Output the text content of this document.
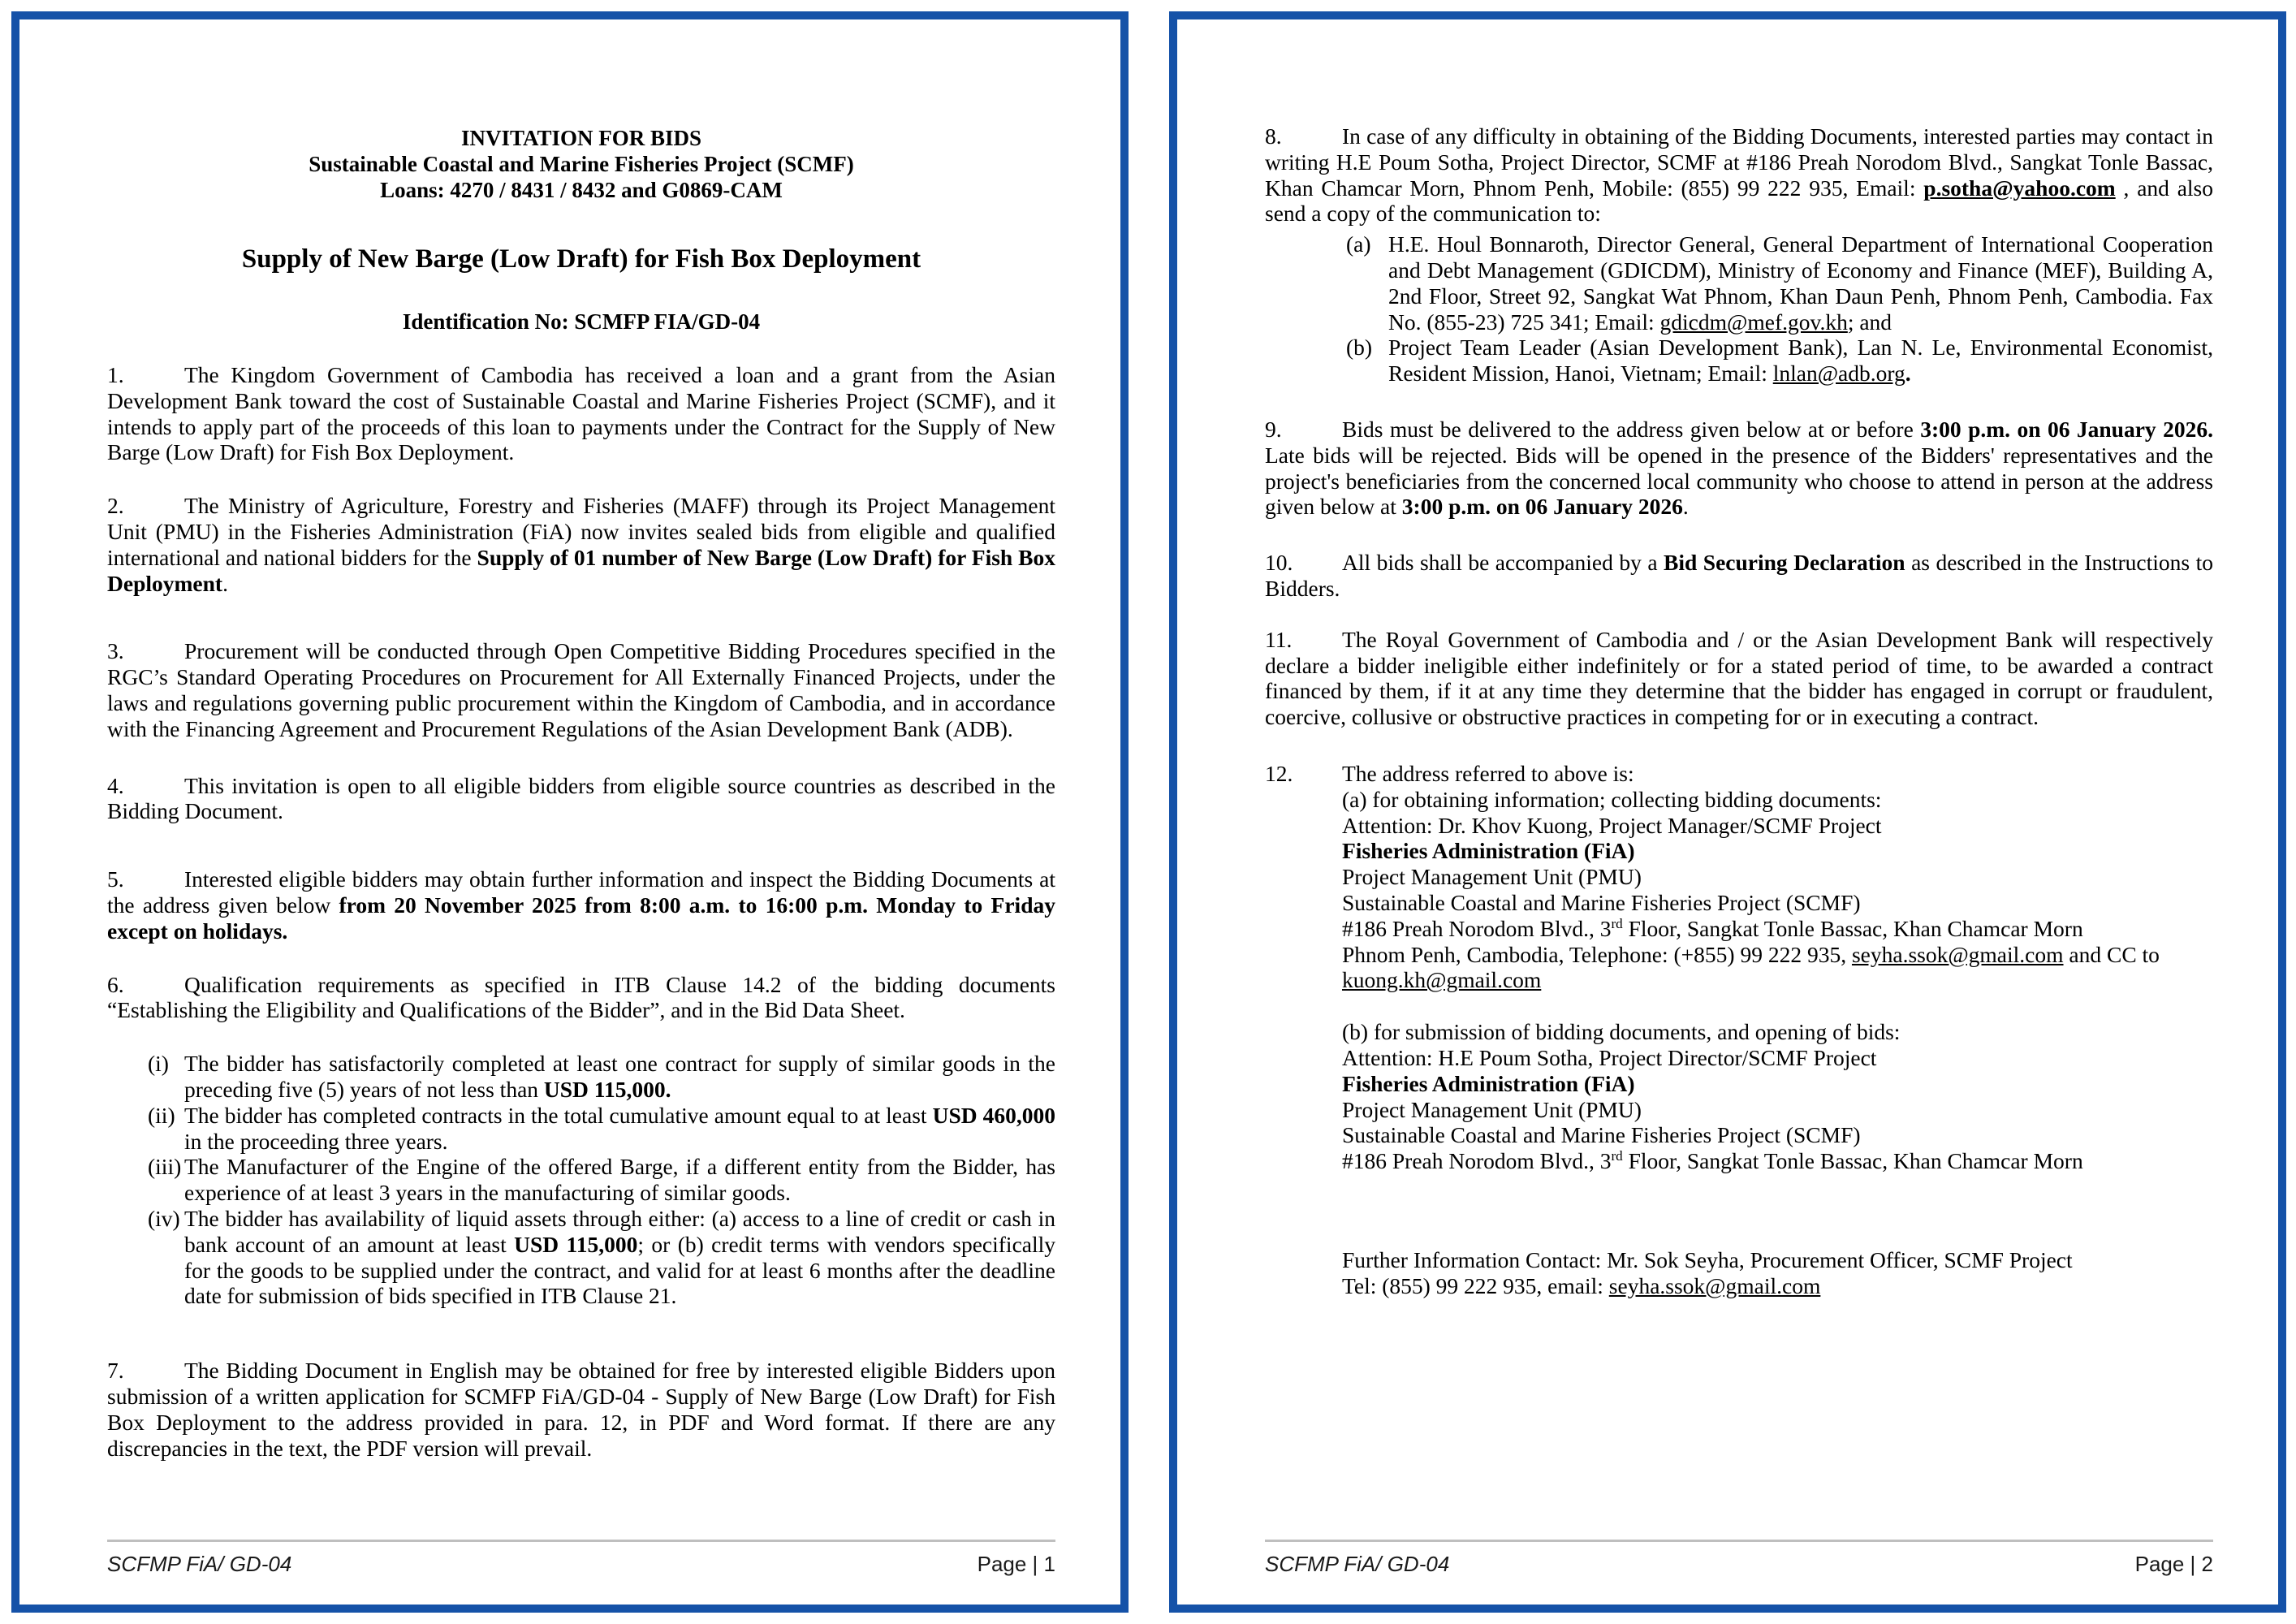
INVITATION FOR BIDS
Sustainable Coastal and Marine Fisheries Project (SCMF)
Loans: 4270 / 8431 / 8432 and G0869-CAM
Supply of New Barge (Low Draft) for Fish Box Deployment
Identification No: SCMFP FIA/GD-04
1.	The Kingdom Government of Cambodia has received a loan and a grant from the Asian Development Bank toward the cost of Sustainable Coastal and Marine Fisheries Project (SCMF), and it intends to apply part of the proceeds of this loan to payments under the Contract for the Supply of New Barge (Low Draft) for Fish Box Deployment.
2.	The Ministry of Agriculture, Forestry and Fisheries (MAFF) through its Project Management Unit (PMU) in the Fisheries Administration (FiA) now invites sealed bids from eligible and qualified international and national bidders for the Supply of 01 number of New Barge (Low Draft) for Fish Box Deployment.
3.	Procurement will be conducted through Open Competitive Bidding Procedures specified in the RGC’s Standard Operating Procedures on Procurement for All Externally Financed Projects, under the laws and regulations governing public procurement within the Kingdom of Cambodia, and in accordance with the Financing Agreement and Procurement Regulations of the Asian Development Bank (ADB).
4.	This invitation is open to all eligible bidders from eligible source countries as described in the Bidding Document.
5.	Interested eligible bidders may obtain further information and inspect the Bidding Documents at the address given below from 20 November 2025 from 8:00 a.m. to 16:00 p.m. Monday to Friday except on holidays.
6.	Qualification requirements as specified in ITB Clause 14.2 of the bidding documents “Establishing the Eligibility and Qualifications of the Bidder”, and in the Bid Data Sheet.
(i) The bidder has satisfactorily completed at least one contract for supply of similar goods in the preceding five (5) years of not less than USD 115,000.
(ii) The bidder has completed contracts in the total cumulative amount equal to at least USD 460,000 in the proceeding three years.
(iii) The Manufacturer of the Engine of the offered Barge, if a different entity from the Bidder, has experience of at least 3 years in the manufacturing of similar goods.
(iv) The bidder has availability of liquid assets through either: (a) access to a line of credit or cash in bank account of an amount at least USD 115,000; or (b) credit terms with vendors specifically for the goods to be supplied under the contract, and valid for at least 6 months after the deadline date for submission of bids specified in ITB Clause 21.
7.	The Bidding Document in English may be obtained for free by interested eligible Bidders upon submission of a written application for SCMFP FiA/GD-04 - Supply of New Barge (Low Draft) for Fish Box Deployment to the address provided in para. 12, in PDF and Word format. If there are any discrepancies in the text, the PDF version will prevail.
SCFMP FiA/ GD-04	Page | 1
8.	In case of any difficulty in obtaining of the Bidding Documents, interested parties may contact in writing H.E Poum Sotha, Project Director, SCMF at #186 Preah Norodom Blvd., Sangkat Tonle Bassac, Khan Chamcar Morn, Phnom Penh, Mobile: (855) 99 222 935, Email: p.sotha@yahoo.com , and also send a copy of the communication to:
(a) H.E. Houl Bonnaroth, Director General, General Department of International Cooperation and Debt Management (GDICDM), Ministry of Economy and Finance (MEF), Building A, 2nd Floor, Street 92, Sangkat Wat Phnom, Khan Daun Penh, Phnom Penh, Cambodia. Fax No. (855-23) 725 341; Email: gdicdm@mef.gov.kh; and
(b) Project Team Leader (Asian Development Bank), Lan N. Le, Environmental Economist, Resident Mission, Hanoi, Vietnam; Email: lnlan@adb.org.
9.	Bids must be delivered to the address given below at or before 3:00 p.m. on 06 January 2026. Late bids will be rejected. Bids will be opened in the presence of the Bidders' representatives and the project's beneficiaries from the concerned local community who choose to attend in person at the address given below at 3:00 p.m. on 06 January 2026.
10. All bids shall be accompanied by a Bid Securing Declaration as described in the Instructions to Bidders.
11. The Royal Government of Cambodia and / or the Asian Development Bank will respectively declare a bidder ineligible either indefinitely or for a stated period of time, to be awarded a contract financed by them, if it at any time they determine that the bidder has engaged in corrupt or fraudulent, coercive, collusive or obstructive practices in competing for or in executing a contract.
12. The address referred to above is:
(a) for obtaining information; collecting bidding documents:
Attention: Dr. Khov Kuong, Project Manager/SCMF Project
Fisheries Administration (FiA)
Project Management Unit (PMU)
Sustainable Coastal and Marine Fisheries Project (SCMF)
#186 Preah Norodom Blvd., 3rd Floor, Sangkat Tonle Bassac, Khan Chamcar Morn
Phnom Penh, Cambodia, Telephone: (+855) 99 222 935, seyha.ssok@gmail.com and CC to
kuong.kh@gmail.com
(b) for submission of bidding documents, and opening of bids:
Attention: H.E Poum Sotha, Project Director/SCMF Project
Fisheries Administration (FiA)
Project Management Unit (PMU)
Sustainable Coastal and Marine Fisheries Project (SCMF)
#186 Preah Norodom Blvd., 3rd Floor, Sangkat Tonle Bassac, Khan Chamcar Morn
Further Information Contact: Mr. Sok Seyha, Procurement Officer, SCMF Project
Tel: (855) 99 222 935, email: seyha.ssok@gmail.com
SCFMP FiA/ GD-04	Page | 2
